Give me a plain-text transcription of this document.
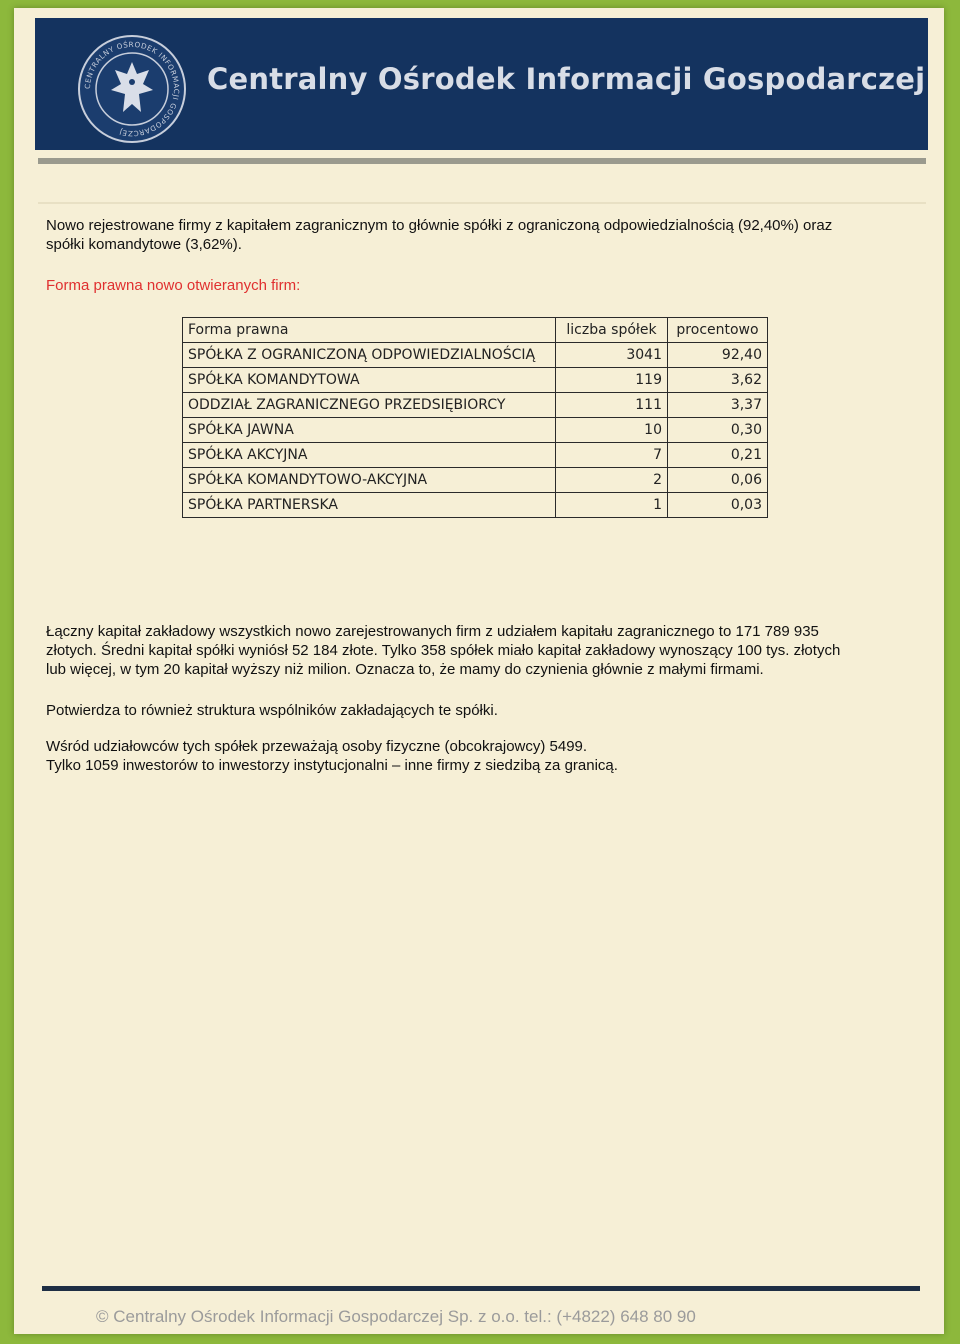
CENTRALNY OŚRODEK INFORMACJI GOSPODARCZEJ
Centralny Ośrodek Informacji Gospodarczej
Nowo rejestrowane firmy z kapitałem zagranicznym to głównie spółki z ograniczoną odpowiedzialnością (92,40%) oraz
spółki komandytowe (3,62%).
Forma prawna nowo otwieranych firm:
Forma prawna	liczba spółek	procentowo
SPÓŁKA Z OGRANICZONĄ ODPOWIEDZIALNOŚCIĄ	3041	92,40
SPÓŁKA KOMANDYTOWA	119	3,62
ODDZIAŁ ZAGRANICZNEGO PRZEDSIĘBIORCY	111	3,37
SPÓŁKA JAWNA	10	0,30
SPÓŁKA AKCYJNA	7	0,21
SPÓŁKA KOMANDYTOWO-AKCYJNA	2	0,06
SPÓŁKA PARTNERSKA	1	0,03
Łączny kapitał zakładowy wszystkich nowo zarejestrowanych firm z udziałem kapitału zagranicznego to 171 789 935
złotych. Średni kapitał spółki wyniósł 52 184 złote. Tylko 358 spółek miało kapitał zakładowy wynoszący 100 tys. złotych
lub więcej, w tym 20 kapitał wyższy niż milion. Oznacza to, że mamy do czynienia głównie z małymi firmami.
Potwierdza to również struktura wspólników zakładających te spółki.
Wśród udziałowców tych spółek przeważają osoby fizyczne (obcokrajowcy) 5499.
Tylko 1059 inwestorów to inwestorzy instytucjonalni – inne firmy z siedzibą za granicą.
© Centralny Ośrodek Informacji Gospodarczej Sp. z o.o. tel.: (+4822) 648 80 90
